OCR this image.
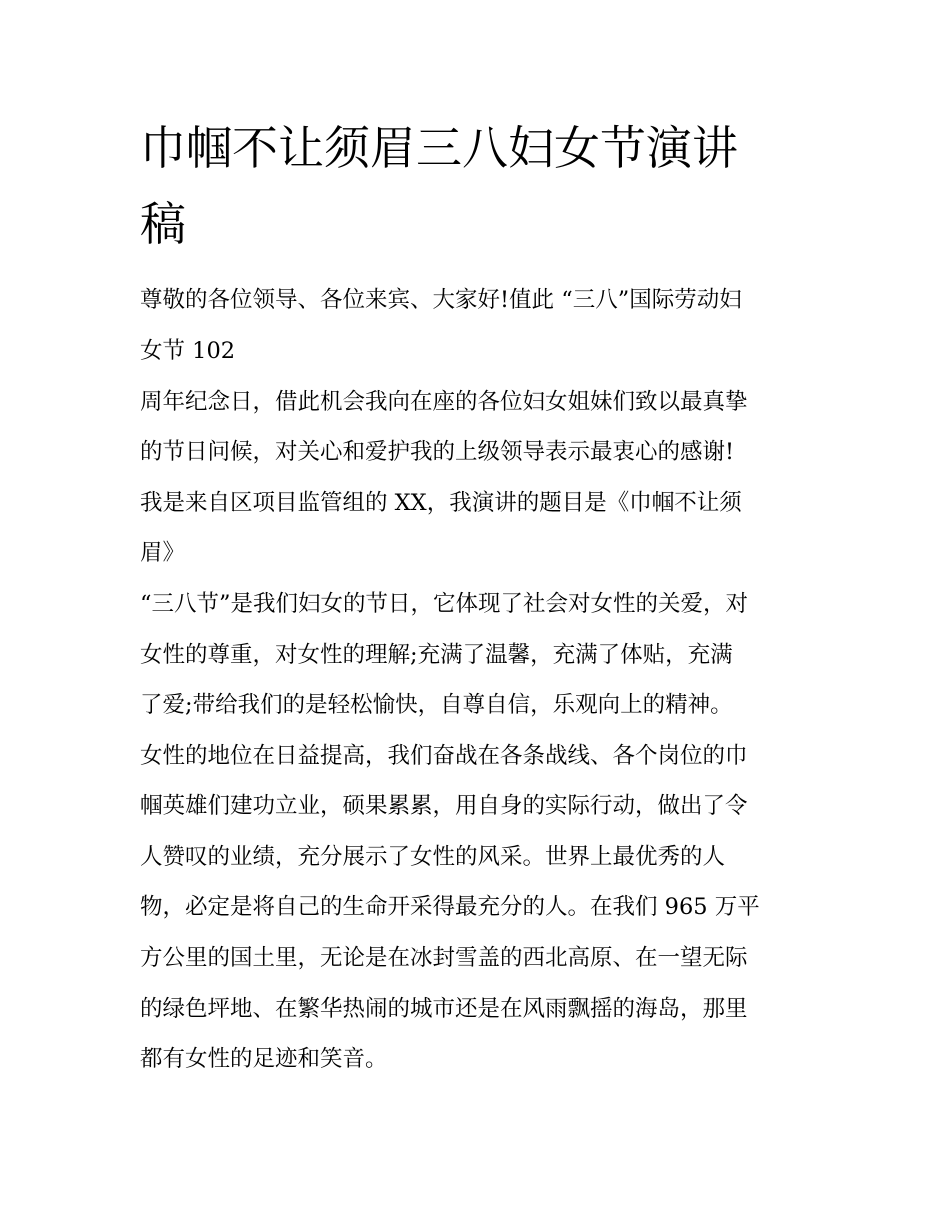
巾帼不让须眉三八妇女节演讲
稿

尊敬的各位领导、各位来宾、大家好!值此 “三八”国际劳动妇

女节 102

周年纪念日，借此机会我向在座的各位妇女姐妹们致以最真挚

的节日问候，对关心和爱护我的上级领导表示最衷心的感谢!

我是来自区项目监管组的 XX，我演讲的题目是《巾帼不让须

眉》

“三八节”是我们妇女的节日，它体现了社会对女性的关爱，对

女性的尊重，对女性的理解;充满了温馨，充满了体贴，充满

了爱;带给我们的是轻松愉快，自尊自信，乐观向上的精神。

女性的地位在日益提高，我们奋战在各条战线、各个岗位的巾

帼英雄们建功立业，硕果累累，用自身的实际行动，做出了令

人赞叹的业绩，充分展示了女性的风采。世界上最优秀的人

物，必定是将自己的生命开采得最充分的人。在我们 965 万平

方公里的国土里，无论是在冰封雪盖的西北高原、在一望无际

的绿色坪地、在繁华热闹的城市还是在风雨飘摇的海岛，那里

都有女性的足迹和笑音。
